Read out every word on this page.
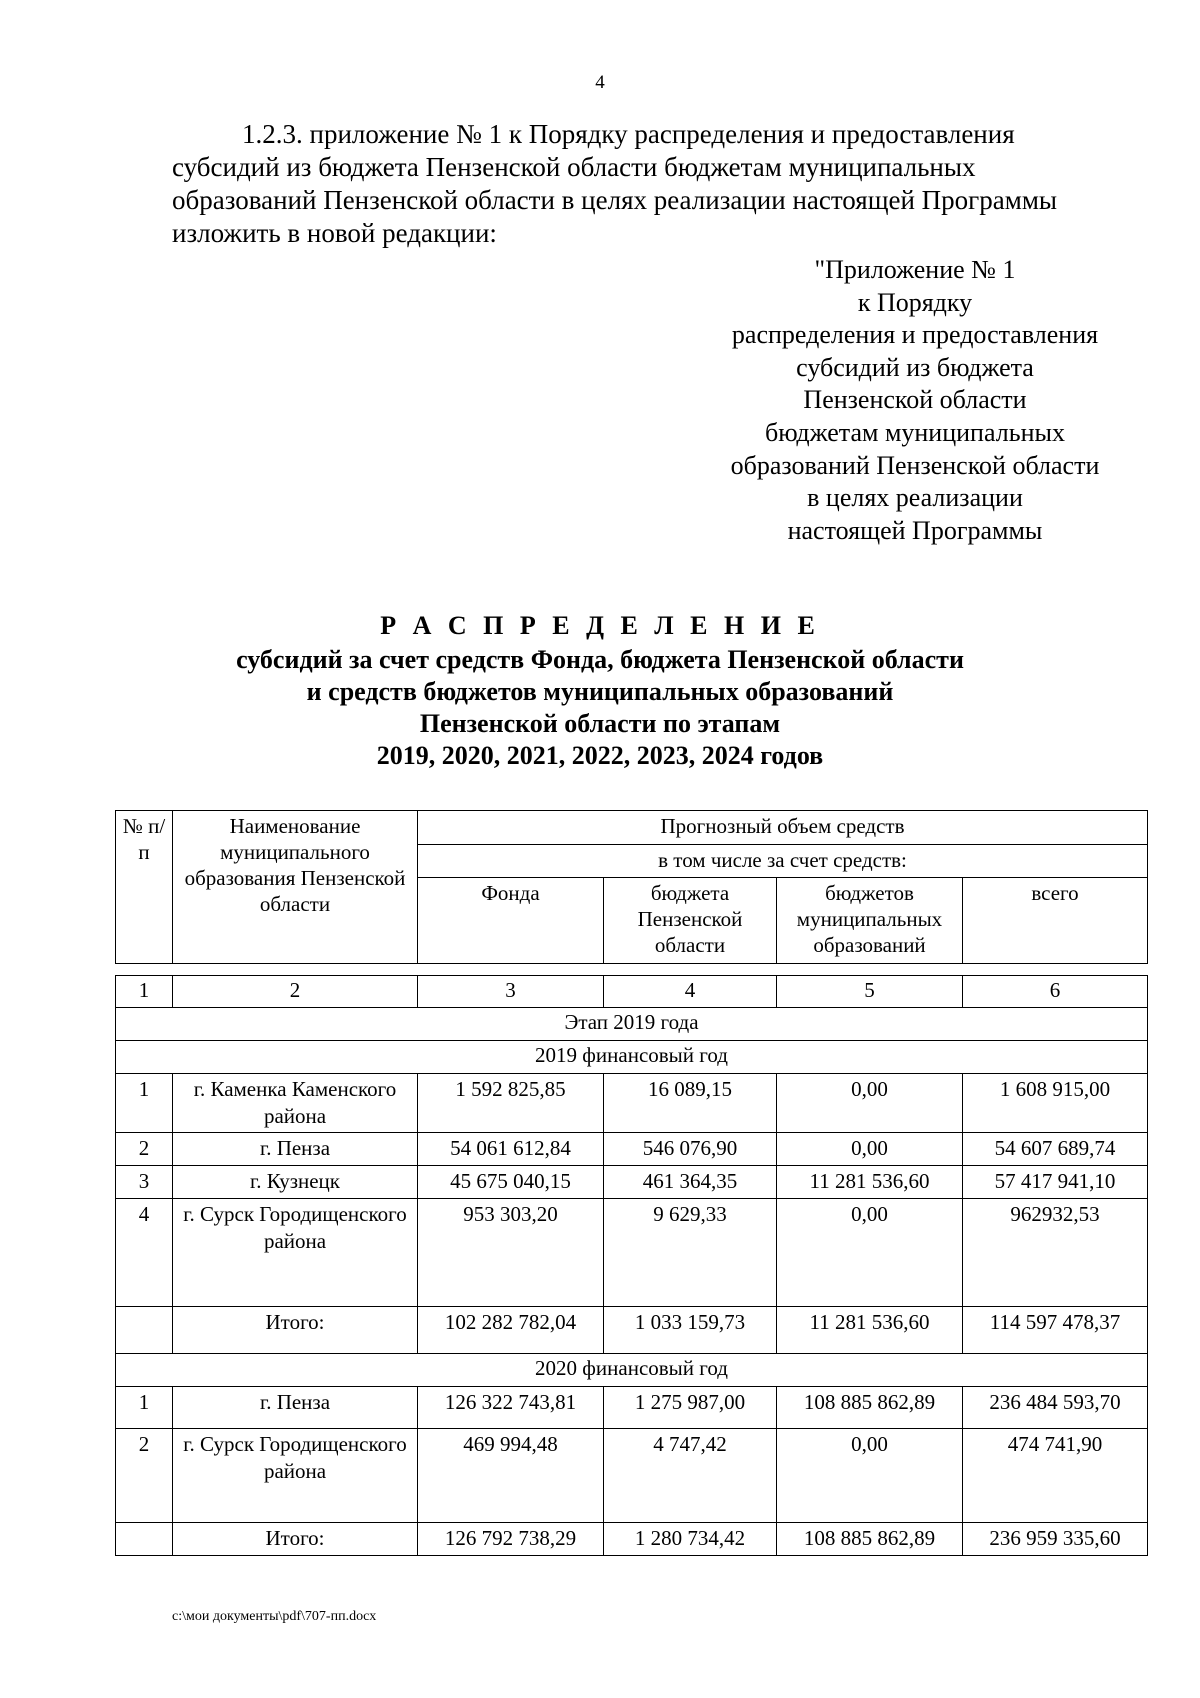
4
1.2.3. приложение № 1 к Порядку распределения и предоставления
субсидий из бюджета Пензенской области бюджетам муниципальных
образований Пензенской области в целях реализации настоящей Программы
изложить в новой редакции:
"Приложение № 1
к Порядку
распределения и предоставления
субсидий из бюджета
Пензенской области
бюджетам муниципальных
образований Пензенской области
в целях реализации
настоящей Программы
Р А С П Р Е Д Е Л Е Н И Е
субсидий за счет средств Фонда, бюджета Пензенской области
и средств бюджетов муниципальных образований
Пензенской области по этапам
2019, 2020, 2021, 2022, 2023, 2024 годов
№ п/п	Наименование муниципального образования Пензенской области	Прогнозный объем средств			
		в том числе за счет средств:			
		Фонда	бюджета Пензенской области	бюджетов муниципальных образований	всего
1	2	3	4	5	6
Этап 2019 года					
2019 финансовый год					
1	г. Каменка Каменского района	1 592 825,85	16 089,15	0,00	1 608 915,00
2	г. Пенза	54 061 612,84	546 076,90	0,00	54 607 689,74
3	г. Кузнецк	45 675 040,15	461 364,35	11 281 536,60	57 417 941,10
4	г. Сурск Городищенского района	953 303,20	9 629,33	0,00	962932,53
	Итого:	102 282 782,04	1 033 159,73	11 281 536,60	114 597 478,37
2020 финансовый год					
1	г. Пенза	126 322 743,81	1 275 987,00	108 885 862,89	236 484 593,70
2	г. Сурск Городищенского района	469 994,48	4 747,42	0,00	474 741,90
	Итого:	126 792 738,29	1 280 734,42	108 885 862,89	236 959 335,60
c:\мои документы\pdf\707-пп.docx
